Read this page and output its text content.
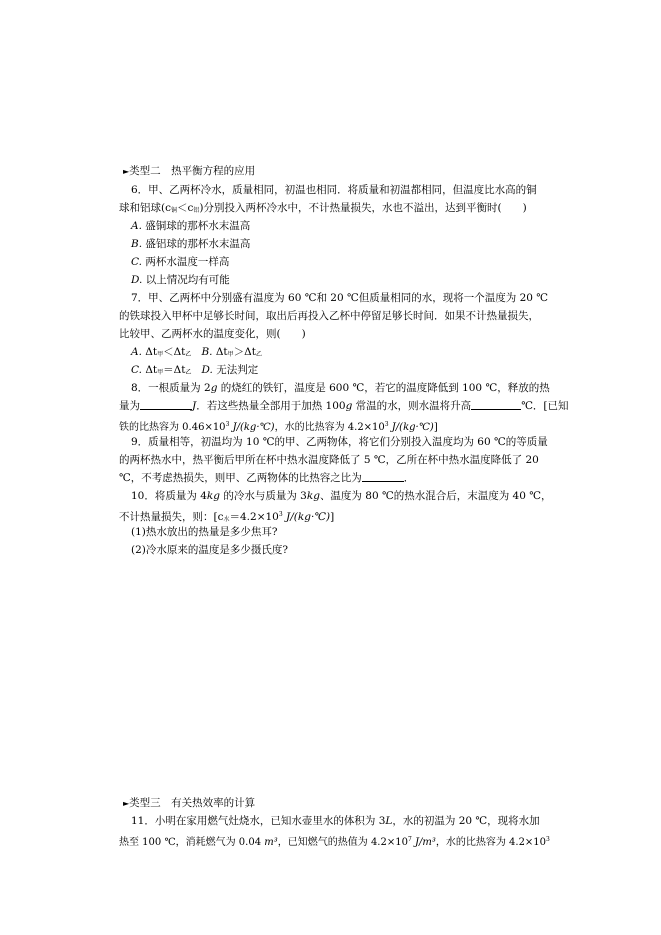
►类型二　热平衡方程的应用
6．甲、乙两杯冷水，质量相同，初温也相同．将质量和初温都相同，但温度比水高的铜
球和铝球(c铜＜c铝)分别投入两杯冷水中，不计热量损失，水也不溢出，达到平衡时(　　)
A. 盛铜球的那杯水末温高
B. 盛铝球的那杯水末温高
C. 两杯水温度一样高
D. 以上情况均有可能
7．甲、乙两杯中分别盛有温度为 60 ℃和 20 ℃但质量相同的水，现将一个温度为 20 ℃
的铁球投入甲杯中足够长时间，取出后再投入乙杯中停留足够长时间．如果不计热量损失，
比较甲、乙两杯水的温度变化，则(　　)
A. Δt甲＜Δt乙 B. Δt甲＞Δt乙
C. Δt甲＝Δt乙 D. 无法判定
8．一根质量为 2g 的烧红的铁钉，温度是 600 ℃，若它的温度降低到 100 ℃，释放的热
量为	J．若这些热量全部用于加热 100g 常温的水，则水温将升高	℃．[已知
铁的比热容为 $0.46\times 10^3$ J/(kg·℃)，水的比热容为 $4.2\times 10^3$ J/(kg·℃)]
9．质量相等，初温均为 10 ℃的甲、乙两物体，将它们分别投入温度均为 60 ℃的等质量
的两杯热水中，热平衡后甲所在杯中热水温度降低了 5 ℃，乙所在杯中热水温度降低了 20
℃，不考虑热损失，则甲、乙两物体的比热容之比为	．
10．将质量为 4kg 的冷水与质量为 3kg、温度为 80 ℃的热水混合后，末温度为 40 ℃，
不计热量损失，则：[c水$=4.2\times 10^3$ J/(kg·℃)]
(1)热水放出的热量是多少焦耳?
(2)冷水原来的温度是多少摄氏度?
►类型三　有关热效率的计算
11．小明在家用燃气灶烧水，已知水壶里水的体积为 3L，水的初温为 20 ℃，现将水加
热至 100 ℃，消耗燃气为 0.04 m³，已知燃气的热值为 $4.2\times 10^7$ J/m³，水的比热容为 $4.2\times 10^3$
